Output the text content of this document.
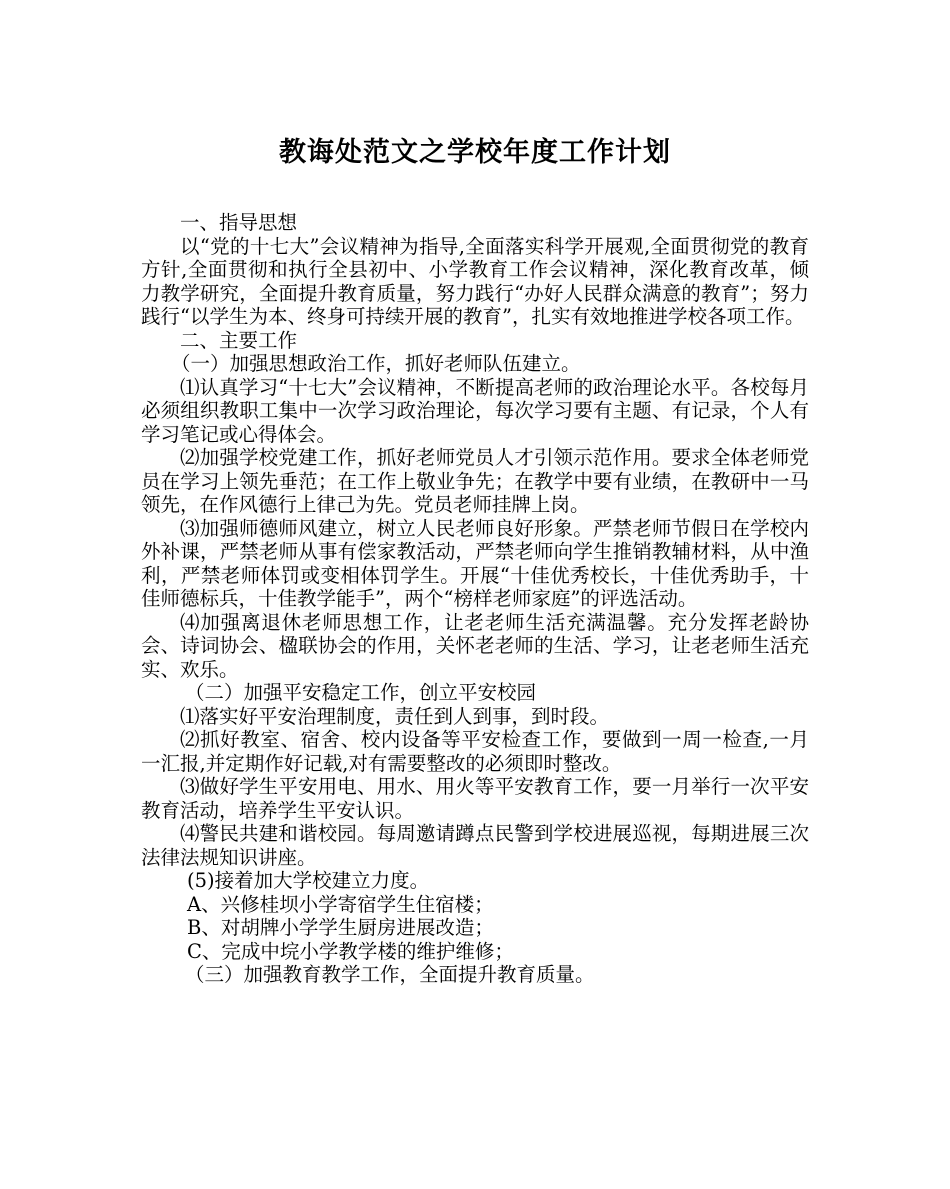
教诲处范文之学校年度工作计划

一、指导思想

以“党的十七大”会议精神为指导,全面落实科学开展观,全面贯彻党的教育方针,全面贯彻和执行全县初中、小学教育工作会议精神，深化教育改革，倾力教学研究，全面提升教育质量，努力践行“办好人民群众满意的教育”；努力践行“以学生为本、终身可持续开展的教育”，扎实有效地推进学校各项工作。

二、主要工作

（一）加强思想政治工作，抓好老师队伍建立。

⑴认真学习“十七大”会议精神，不断提高老师的政治理论水平。各校每月必须组织教职工集中一次学习政治理论，每次学习要有主题、有记录，个人有学习笔记或心得体会。

⑵加强学校党建工作，抓好老师党员人才引领示范作用。要求全体老师党员在学习上领先垂范；在工作上敬业争先；在教学中要有业绩，在教研中一马领先，在作风德行上律己为先。党员老师挂牌上岗。

⑶加强师德师风建立，树立人民老师良好形象。严禁老师节假日在学校内外补课，严禁老师从事有偿家教活动，严禁老师向学生推销教辅材料，从中渔利，严禁老师体罚或变相体罚学生。开展“十佳优秀校长，十佳优秀助手，十佳师德标兵，十佳教学能手”，两个“榜样老师家庭”的评选活动。

⑷加强离退休老师思想工作，让老老师生活充满温馨。充分发挥老龄协会、诗词协会、楹联协会的作用，关怀老老师的生活、学习，让老老师生活充实、欢乐。

（二）加强平安稳定工作，创立平安校园

⑴落实好平安治理制度，责任到人到事，到时段。

⑵抓好教室、宿舍、校内设备等平安检查工作，要做到一周一检查,一月一汇报,并定期作好记载,对有需要整改的必须即时整改。

⑶做好学生平安用电、用水、用火等平安教育工作，要一月举行一次平安教育活动，培养学生平安认识。

⑷警民共建和谐校园。每周邀请蹲点民警到学校进展巡视，每期进展三次法律法规知识讲座。

(5)接着加大学校建立力度。

A、兴修桂坝小学寄宿学生住宿楼；

B、对胡牌小学学生厨房进展改造；

C、完成中垸小学教学楼的维护维修；

（三）加强教育教学工作，全面提升教育质量。
